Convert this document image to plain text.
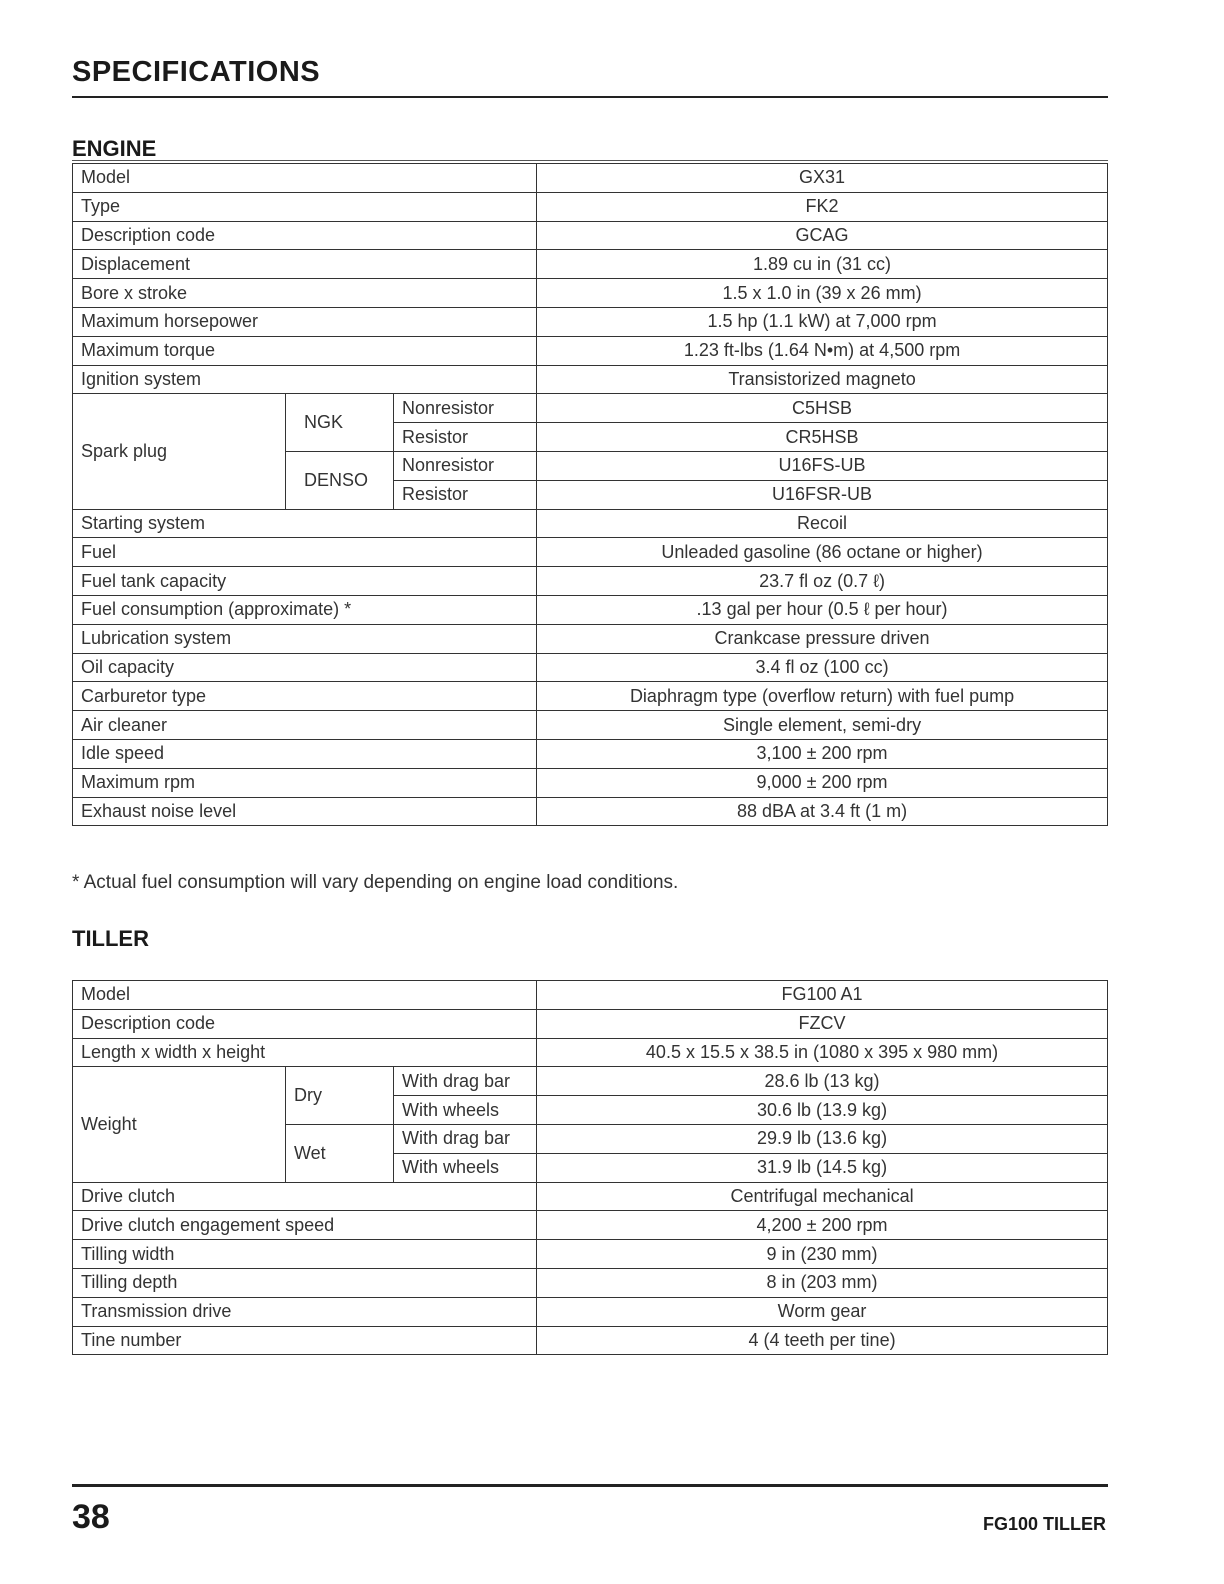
SPECIFICATIONS
ENGINE
Model			GX31
Type			FK2
Description code			GCAG
Displacement			1.89 cu in (31 cc)
Bore x stroke			1.5 x 1.0 in (39 x 26 mm)
Maximum horsepower			1.5 hp (1.1 kW) at 7,000 rpm
Maximum torque			1.23 ft-lbs (1.64 N•m) at 4,500 rpm
Ignition system			Transistorized magneto
Spark plug	NGK	Nonresistor	C5HSB
		Resistor	CR5HSB
	DENSO	Nonresistor	U16FS-UB
		Resistor	U16FSR-UB
Starting system			Recoil
Fuel			Unleaded gasoline (86 octane or higher)
Fuel tank capacity			23.7 fl oz (0.7 ℓ)
Fuel consumption (approximate) *			.13 gal per hour (0.5 ℓ per hour)
Lubrication system			Crankcase pressure driven
Oil capacity			3.4 fl oz (100 cc)
Carburetor type			Diaphragm type (overflow return) with fuel pump
Air cleaner			Single element, semi-dry
Idle speed			3,100 ± 200 rpm
Maximum rpm			9,000 ± 200 rpm
Exhaust noise level			88 dBA at 3.4 ft (1 m)
* Actual fuel consumption will vary depending on engine load conditions.
TILLER
Model			FG100 A1
Description code			FZCV
Length x width x height			40.5 x 15.5 x 38.5 in (1080 x 395 x 980 mm)
Weight	Dry	With drag bar	28.6 lb (13 kg)
		With wheels	30.6 lb (13.9 kg)
	Wet	With drag bar	29.9 lb (13.6 kg)
		With wheels	31.9 lb (14.5 kg)
Drive clutch			Centrifugal mechanical
Drive clutch engagement speed			4,200 ± 200 rpm
Tilling width			9 in (230 mm)
Tilling depth			8 in (203 mm)
Transmission drive			Worm gear
Tine number			4 (4 teeth per tine)
38	FG100 TILLER
